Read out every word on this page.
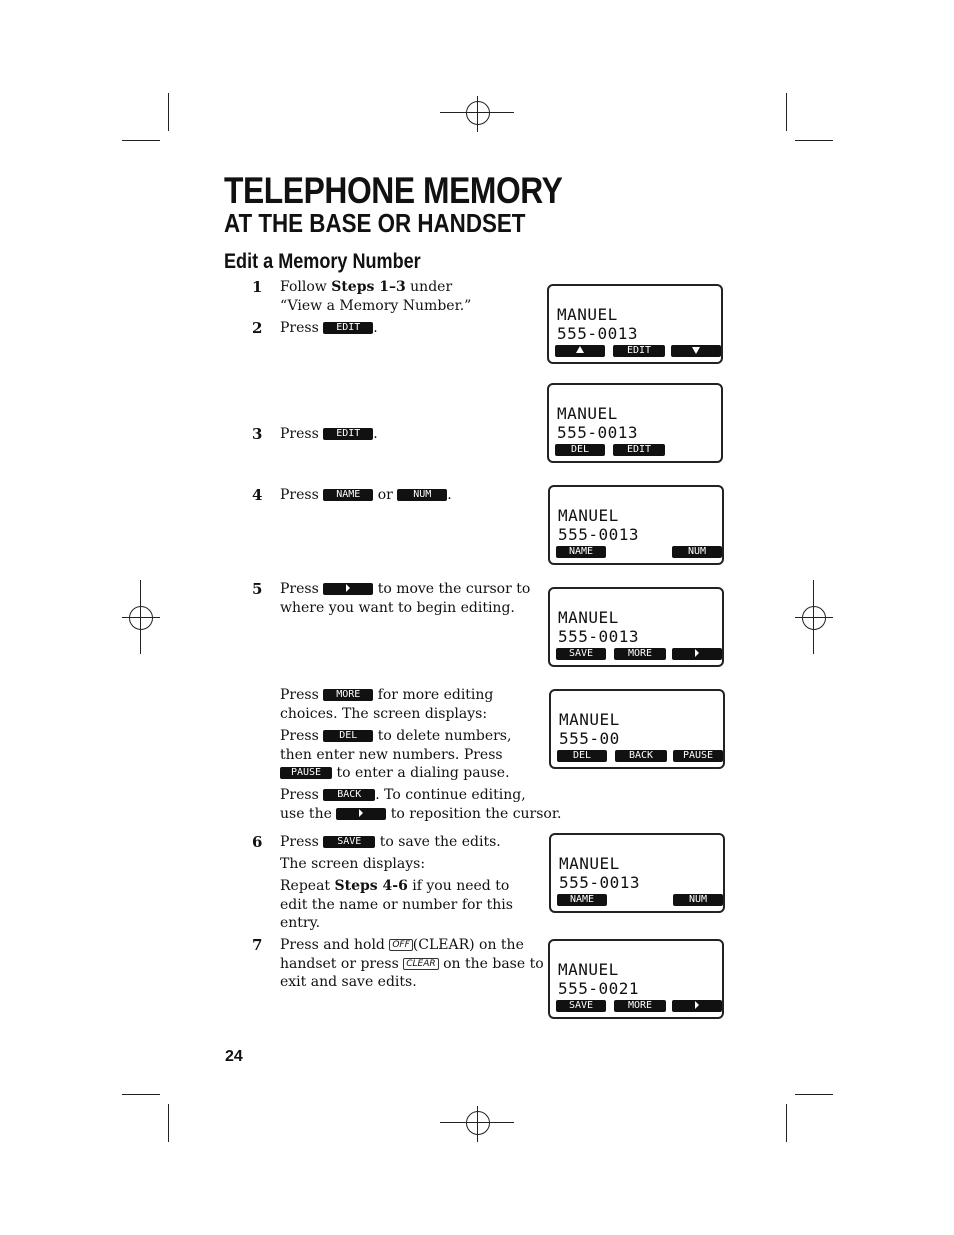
TELEPHONE MEMORY
AT THE BASE OR HANDSET
Edit a Memory Number
1 Follow Steps 1–3 under
“View a Memory Number.”
2 Press EDIT .
3 Press EDIT .
4 Press NAME or NUM .
5 Press	to move the cursor to
where you want to begin editing.
Press MORE for more editing
choices. The screen displays:
Press DEL to delete numbers,
then enter new numbers. Press
PAUSE to enter a dialing pause.
Press BACK . To continue editing,
use the	to reposition the cursor.
6 Press SAVE to save the edits.
The screen displays:
Repeat Steps 4-6 if you need to
edit the name or number for this
entry.
7 Press and hold OFF (CLEAR) on the
handset or press CLEAR on the base to
exit and save edits.
MANUEL
555-0013
EDIT
MANUEL
555-0013
DEL	EDIT
MANUEL
555-0013
NAME	NUM
MANUEL
555-0013
SAVE	MORE
MANUEL
555-00
DEL	BACK	PAUSE
MANUEL
555-0013
NAME	NUM
MANUEL
555-0021
SAVE	MORE
24
